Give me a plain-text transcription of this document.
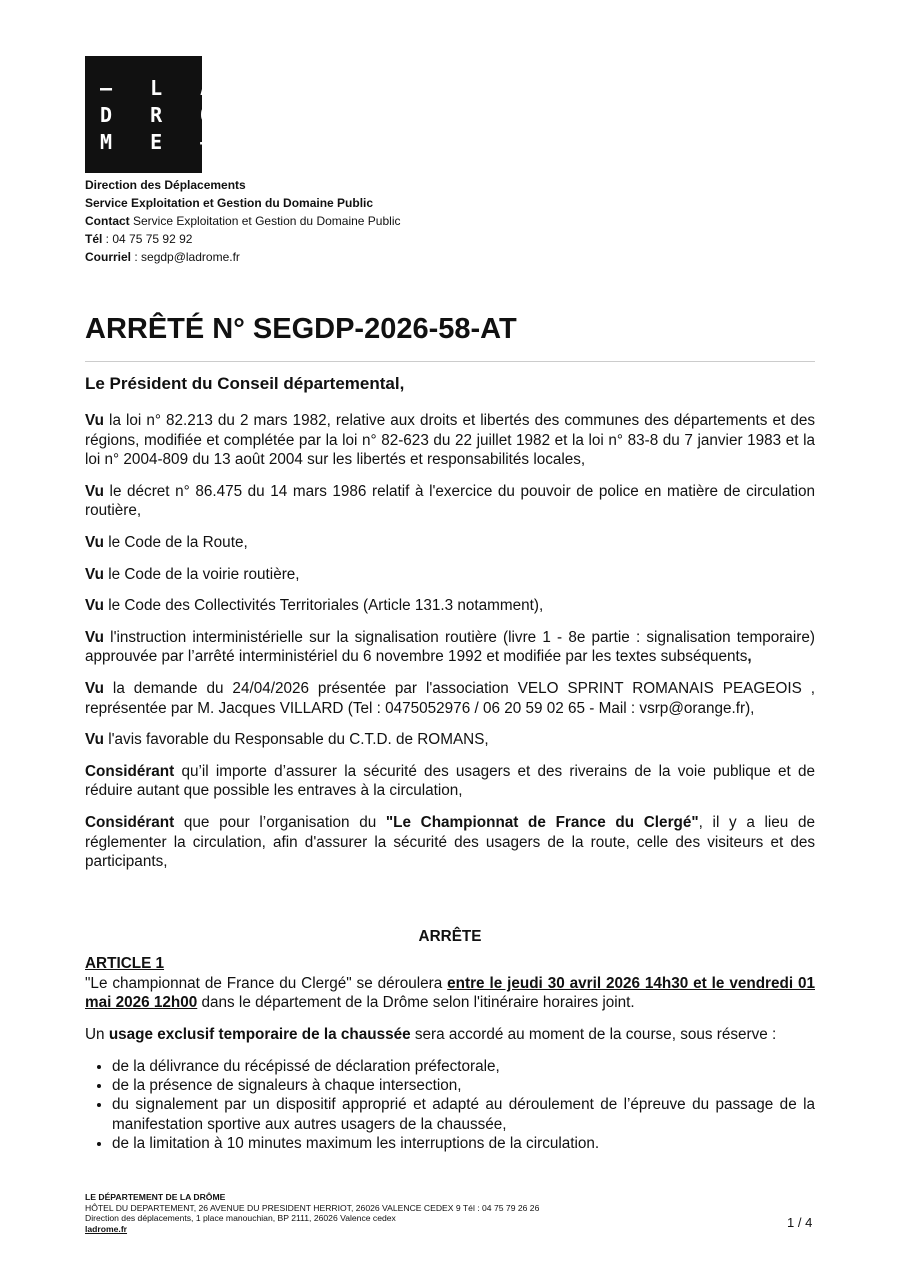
– L A
D R O
M E –
Direction des Déplacements
Service Exploitation et Gestion du Domaine Public
Contact Service Exploitation et Gestion du Domaine Public
Tél : 04 75 75 92 92
Courriel : segdp@ladrome.fr
ARRÊTÉ N° SEGDP-2026-58-AT
Le Président du Conseil départemental,

Vu la loi n° 82.213 du 2 mars 1982, relative aux droits et libertés des communes des départements et des régions, modifiée et complétée par la loi n° 82-623 du 22 juillet 1982 et la loi n° 83-8 du 7 janvier 1983 et la loi n° 2004-809 du 13 août 2004 sur les libertés et responsabilités locales,

Vu le décret n° 86.475 du 14 mars 1986 relatif à l'exercice du pouvoir de police en matière de circulation routière,

Vu le Code de la Route,

Vu le Code de la voirie routière,

Vu le Code des Collectivités Territoriales (Article 131.3 notamment),

Vu l'instruction interministérielle sur la signalisation routière (livre 1 - 8e partie : signalisation temporaire) approuvée par l’arrêté interministériel du 6 novembre 1992 et modifiée par les textes subséquents,

Vu la demande du 24/04/2026 présentée par l'association VELO SPRINT ROMANAIS PEAGEOIS , représentée par M. Jacques VILLARD (Tel : 0475052976 / 06 20 59 02 65 - Mail : vsrp@orange.fr),

Vu l'avis favorable du Responsable du C.T.D. de ROMANS,

Considérant qu’il importe d’assurer la sécurité des usagers et des riverains de la voie publique et de réduire autant que possible les entraves à la circulation,

Considérant que pour l’organisation du "Le Championnat de France du Clergé", il y a lieu de réglementer la circulation, afin d'assurer la sécurité des usagers de la route, celle des visiteurs et des participants,

ARRÊTE

ARTICLE 1

"Le championnat de France du Clergé" se déroulera entre le jeudi 30 avril 2026 14h30 et le vendredi 01 mai 2026 12h00 dans le département de la Drôme selon l'itinéraire horaires joint.

Un usage exclusif temporaire de la chaussée sera accordé au moment de la course, sous réserve :

• de la délivrance du récépissé de déclaration préfectorale,
• de la présence de signaleurs à chaque intersection,
• du signalement par un dispositif approprié et adapté au déroulement de l’épreuve du passage de la manifestation sportive aux autres usagers de la chaussée,
• de la limitation à 10 minutes maximum les interruptions de la circulation.
LE DÉPARTEMENT DE LA DRÔME
HÔTEL DU DEPARTEMENT, 26 AVENUE DU PRESIDENT HERRIOT, 26026 VALENCE CEDEX 9 Tél : 04 75 79 26 26
Direction des déplacements, 1 place manouchian, BP 2111, 26026 Valence cedex
ladrome.fr	1 / 4
